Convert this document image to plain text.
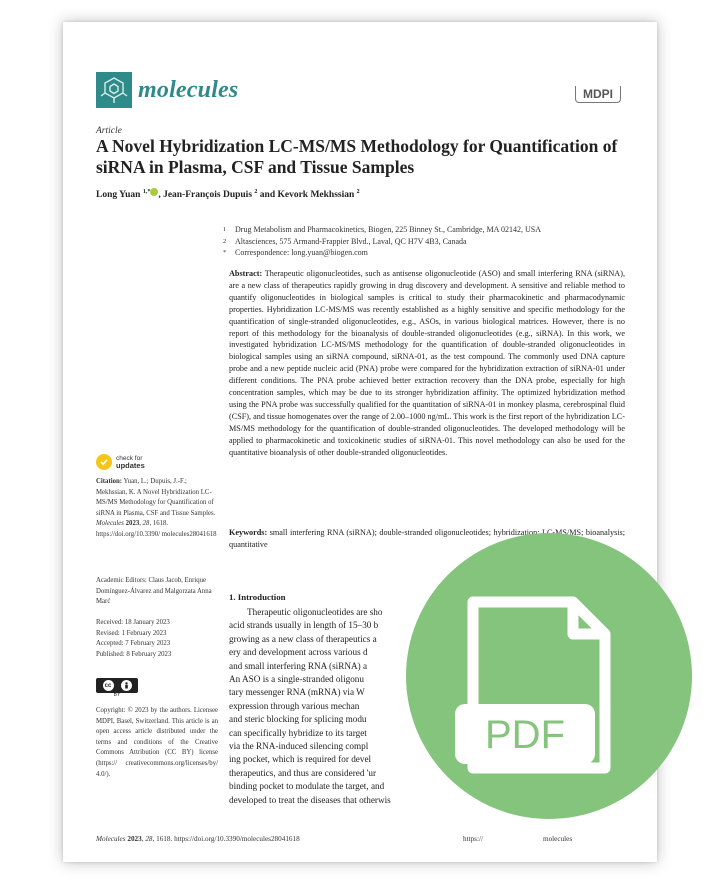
molecules	MDPI
Article
A Novel Hybridization LC-MS/MS Methodology for Quantification of siRNA in Plasma, CSF and Tissue Samples
Long Yuan $^{1,*}$ , Jean-François Dupuis $^2$ and Kevork Mekhssian $^2$
1	Drug Metabolism and Pharmacokinetics, Biogen, 225 Binney St., Cambridge, MA 02142, USA
2	Altasciences, 575 Armand-Frappier Blvd., Laval, QC H7V 4B3, Canada
*	Correspondence: long.yuan@biogen.com
Abstract: Therapeutic oligonucleotides, such as antisense oligonucleotide (ASO) and small interfering RNA (siRNA), are a new class of therapeutics rapidly growing in drug discovery and development. A sensitive and reliable method to quantify oligonucleotides in biological samples is critical to study their pharmacokinetic and pharmacodynamic properties. Hybridization LC-MS/MS was recently established as a highly sensitive and specific methodology for the quantification of single-stranded oligonucleotides, e.g., ASOs, in various biological matrices. However, there is no report of this methodology for the bioanalysis of double-stranded oligonucleotides (e.g., siRNA). In this work, we investigated hybridization LC-MS/MS methodology for the quantification of double-stranded oligonucleotides in biological samples using an siRNA compound, siRNA-01, as the test compound. The commonly used DNA capture probe and a new peptide nucleic acid (PNA) probe were compared for the hybridization extraction of siRNA-01 under different conditions. The PNA probe achieved better extraction recovery than the DNA probe, especially for high concentration samples, which may be due to its stronger hybridization affinity. The optimized hybridization method using the PNA probe was successfully qualified for the quantitation of siRNA-01 in monkey plasma, cerebrospinal fluid (CSF), and tissue homogenates over the range of 2.00–1000 ng/mL. This work is the first report of the hybridization LC-MS/MS methodology for the quantification of double-stranded oligonucleotides. The developed methodology will be applied to pharmacokinetic and toxicokinetic studies of siRNA-01. This novel methodology can also be used for the quantitative bioanalysis of other double-stranded oligonucleotides.
Keywords: small interfering RNA (siRNA); double-stranded oligonucleotides; hybridization; LC-MS/MS; bioanalysis; quantitative
check for
updates
Citation: Yuan, L.; Dupuis, J.-F.; Mekhssian, K. A Novel Hybridization LC-MS/MS Methodology for Quantification of siRNA in Plasma, CSF and Tissue Samples. Molecules 2023, 28, 1618. https://doi.org/10.3390/ molecules28041618
Academic Editors: Claus Jacob, Enrique Domínguez-Álvarez and Malgorzata Anna Marć
Received: 18 January 2023
Revised: 1 February 2023
Accepted: 7 February 2023
Published: 8 February 2023
cc
BY
Copyright: © 2023 by the authors. Licensee MDPI, Basel, Switzerland. This article is an open access article distributed under the terms and conditions of the Creative Commons Attribution (CC BY) license (https:// creativecommons.org/licenses/by/ 4.0/).
1. Introduction
Therapeutic oligonucleotides are sho
acid strands usually in length of 15–30 b
growing as a new class of therapeutics a
ery and development across various d
and small interfering RNA (siRNA) a
An ASO is a single-stranded oligonu
tary messenger RNA (mRNA) via W
expression through various mechan
and steric blocking for splicing modu
can specifically hybridize to its target
via the RNA-induced silencing compl
ing pocket, which is required for devel
therapeutics, and thus are considered 'ur
binding pocket to modulate the target, and
developed to treat the diseases that otherwis
Molecules 2023, 28, 1618. https://doi.org/10.3390/molecules28041618	https://	molecules
PDF
